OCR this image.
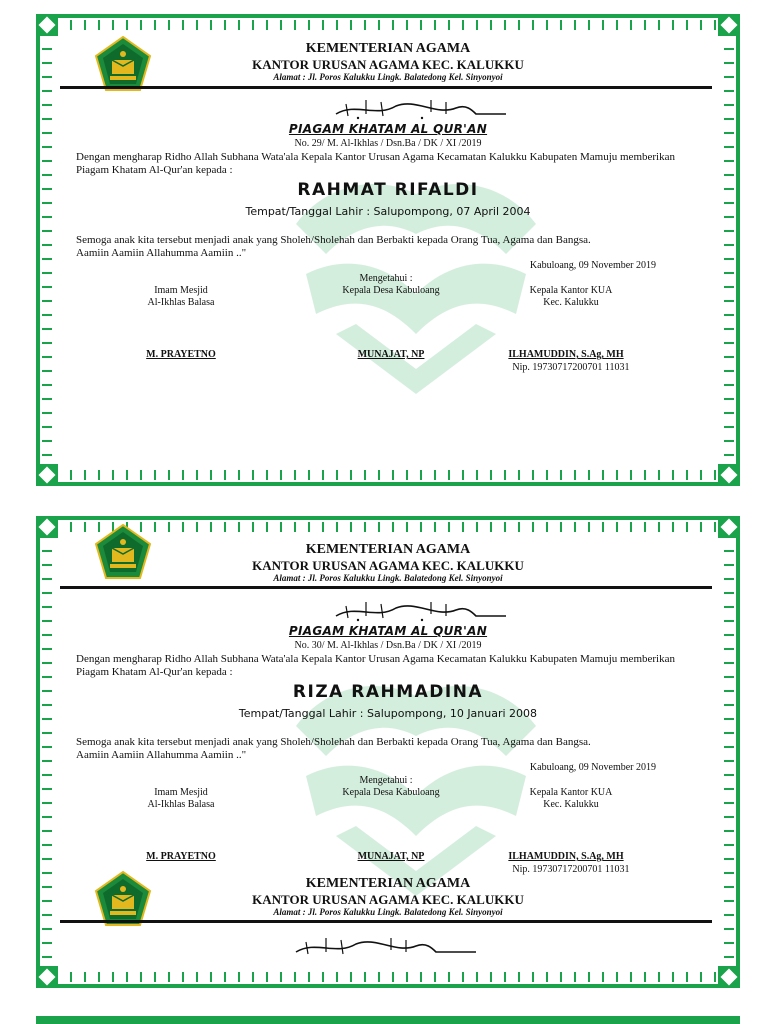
KEMENTERIAN AGAMA
KANTOR URUSAN AGAMA KEC. KALUKKU
Alamat : Jl. Poros Kalukku Lingk. Balatedong Kel. Sinyonyoi
PIAGAM KHATAM AL QUR'AN
No. 29/ M. Al-Ikhlas / Dsn.Ba / DK / XI /2019
Dengan mengharap Ridho Allah Subhana Wata'ala Kepala Kantor Urusan Agama Kecamatan Kalukku Kabupaten Mamuju memberikan
Piagam Khatam Al-Qur'an kepada :
RAHMAT RIFALDI
Tempat/Tanggal Lahir : Salupompong, 07 April 2004
Semoga anak kita tersebut menjadi anak yang Sholeh/Sholehah dan Berbakti kepada Orang Tua, Agama dan Bangsa.
Aamiin Aamiin Allahumma Aamiin .."
Kabuloang, 09 November 2019
Mengetahui :
Imam Mesjid
Al-Ikhlas Balasa
Kepala Desa Kabuloang	Kepala Kantor KUA
Kec. Kalukku
M. PRAYETNO	MUNAJAT, NP	ILHAMUDDIN, S.Ag, MH
Nip. 19730717200701 11031
KEMENTERIAN AGAMA
KANTOR URUSAN AGAMA KEC. KALUKKU
Alamat : Jl. Poros Kalukku Lingk. Balatedong Kel. Sinyonyoi
PIAGAM KHATAM AL QUR'AN
No. 30/ M. Al-Ikhlas / Dsn.Ba / DK / XI /2019
Dengan mengharap Ridho Allah Subhana Wata'ala Kepala Kantor Urusan Agama Kecamatan Kalukku Kabupaten Mamuju memberikan
Piagam Khatam Al-Qur'an kepada :
RIZA RAHMADINA
Tempat/Tanggal Lahir : Salupompong, 10 Januari 2008
Semoga anak kita tersebut menjadi anak yang Sholeh/Sholehah dan Berbakti kepada Orang Tua, Agama dan Bangsa.
Aamiin Aamiin Allahumma Aamiin .."
Kabuloang, 09 November 2019
Mengetahui :
Imam Mesjid
Al-Ikhlas Balasa
Kepala Desa Kabuloang	Kepala Kantor KUA
Kec. Kalukku
M. PRAYETNO	MUNAJAT, NP	ILHAMUDDIN, S.Ag, MH
Nip. 19730717200701 11031
KEMENTERIAN AGAMA
KANTOR URUSAN AGAMA KEC. KALUKKU
Alamat : Jl. Poros Kalukku Lingk. Balatedong Kel. Sinyonyoi
